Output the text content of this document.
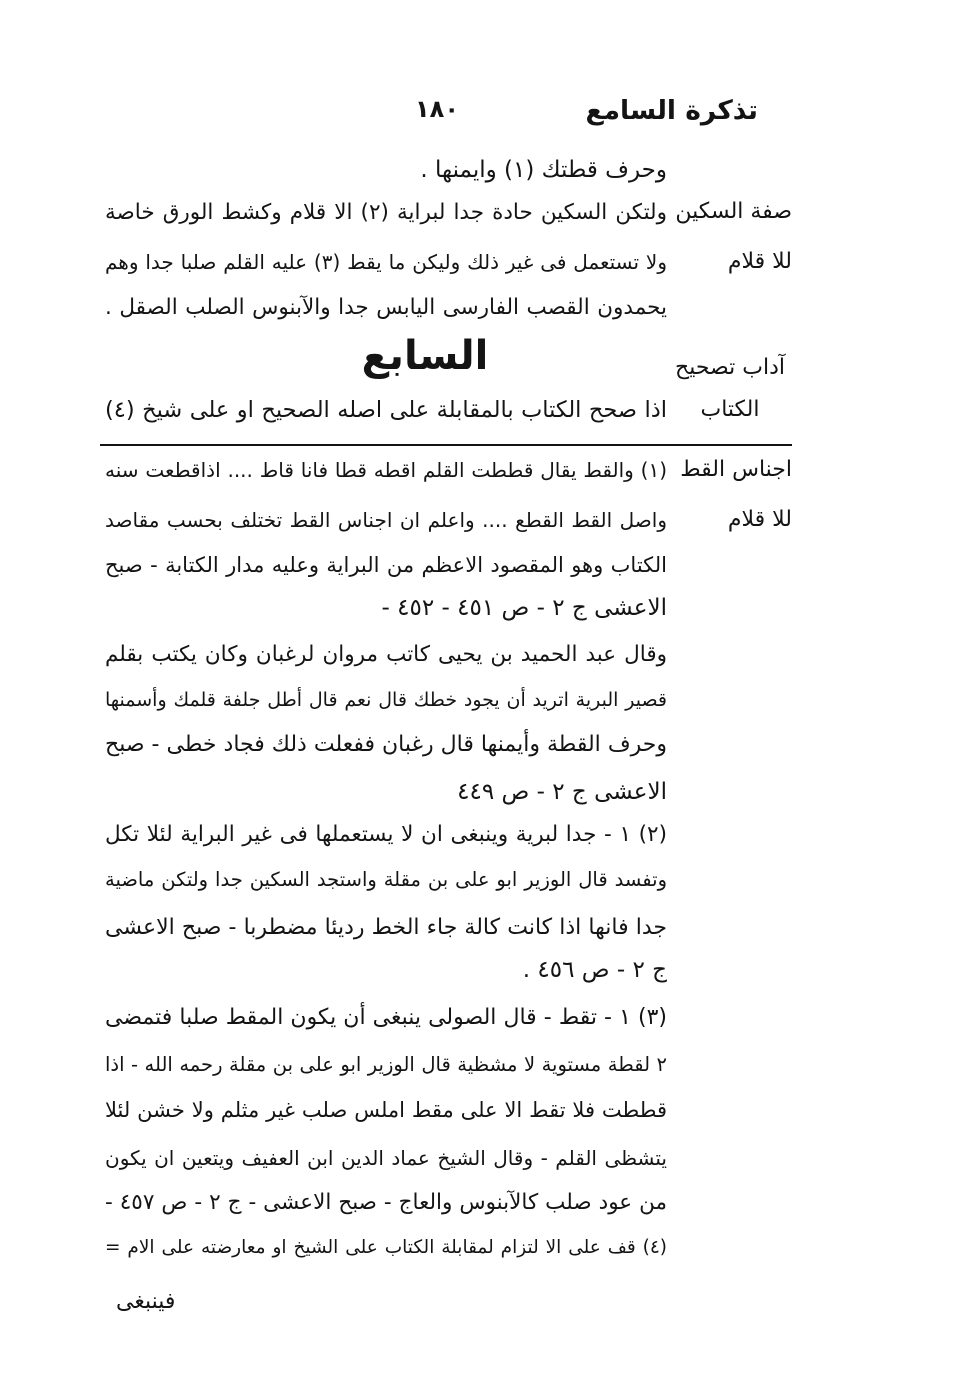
تذكرة السامع
١٨٠
وحرف قطتك (١) وايمنها .
ولتكن السكين حادة جدا لبراية (٢) الا قلام وكشط الورق خاصة
ولا تستعمل فى غير ذلك وليكن ما يقط (٣) عليه القلم صلبا جدا وهم
يحمدون القصب الفارسى اليابس جدا والآبنوس الصلب الصقل .
السابع
اذا صحح الكتاب بالمقابلة على اصله الصحيح او على شيخ (٤)
صفة السكين
للا قلام
آداب تصحيح
الكتاب
اجناس القط
للا قلام
(١) والقط يقال قططت القلم اقطه قطا فانا قاط .... اذاقطعت سنه
واصل القط القطع .... واعلم ان اجناس القط تختلف بحسب مقاصد
الكتاب وهو المقصود الاعظم من البراية وعليه مدار الكتابة - صبح
الاعشى ج ٢ - ص ٤٥١ - ٤٥٢ -
وقال عبد الحميد بن يحيى كاتب مروان لرغبان وكان يكتب بقلم
قصير البرية اتريد أن يجود خطك قال نعم قال أطل جلفة قلمك وأسمنها
وحرف القطة وأيمنها قال رغبان ففعلت ذلك فجاد خطى - صبح
الاعشى ج ٢ - ص ٤٤٩
(٢) ١ - جدا لبرية وينبغى ان لا يستعملها فى غير البراية لئلا تكل
وتفسد قال الوزير ابو على بن مقلة واستجد السكين جدا ولتكن ماضية
جدا فانها اذا كانت كالة جاء الخط رديئا مضطربا - صبح الاعشى
ج ٢ - ص ٤٥٦ .
(٣) ١ - تقط - قال الصولى ينبغى أن يكون المقط صلبا فتمضى
٢ لقطة مستوية لا مشظية قال الوزير ابو على بن مقلة رحمه الله - اذا
قططت فلا تقط الا على مقط املس صلب غير مثلم ولا خشن لئلا
يتشظى القلم - وقال الشيخ عماد الدين ابن العفيف ويتعين ان يكون
من عود صلب كالآبنوس والعاج - صبح الاعشى - ج ٢ - ص ٤٥٧ -
(٤) قف على الا لتزام لمقابلة الكتاب على الشيخ او معارضته على الام =
فينبغى
